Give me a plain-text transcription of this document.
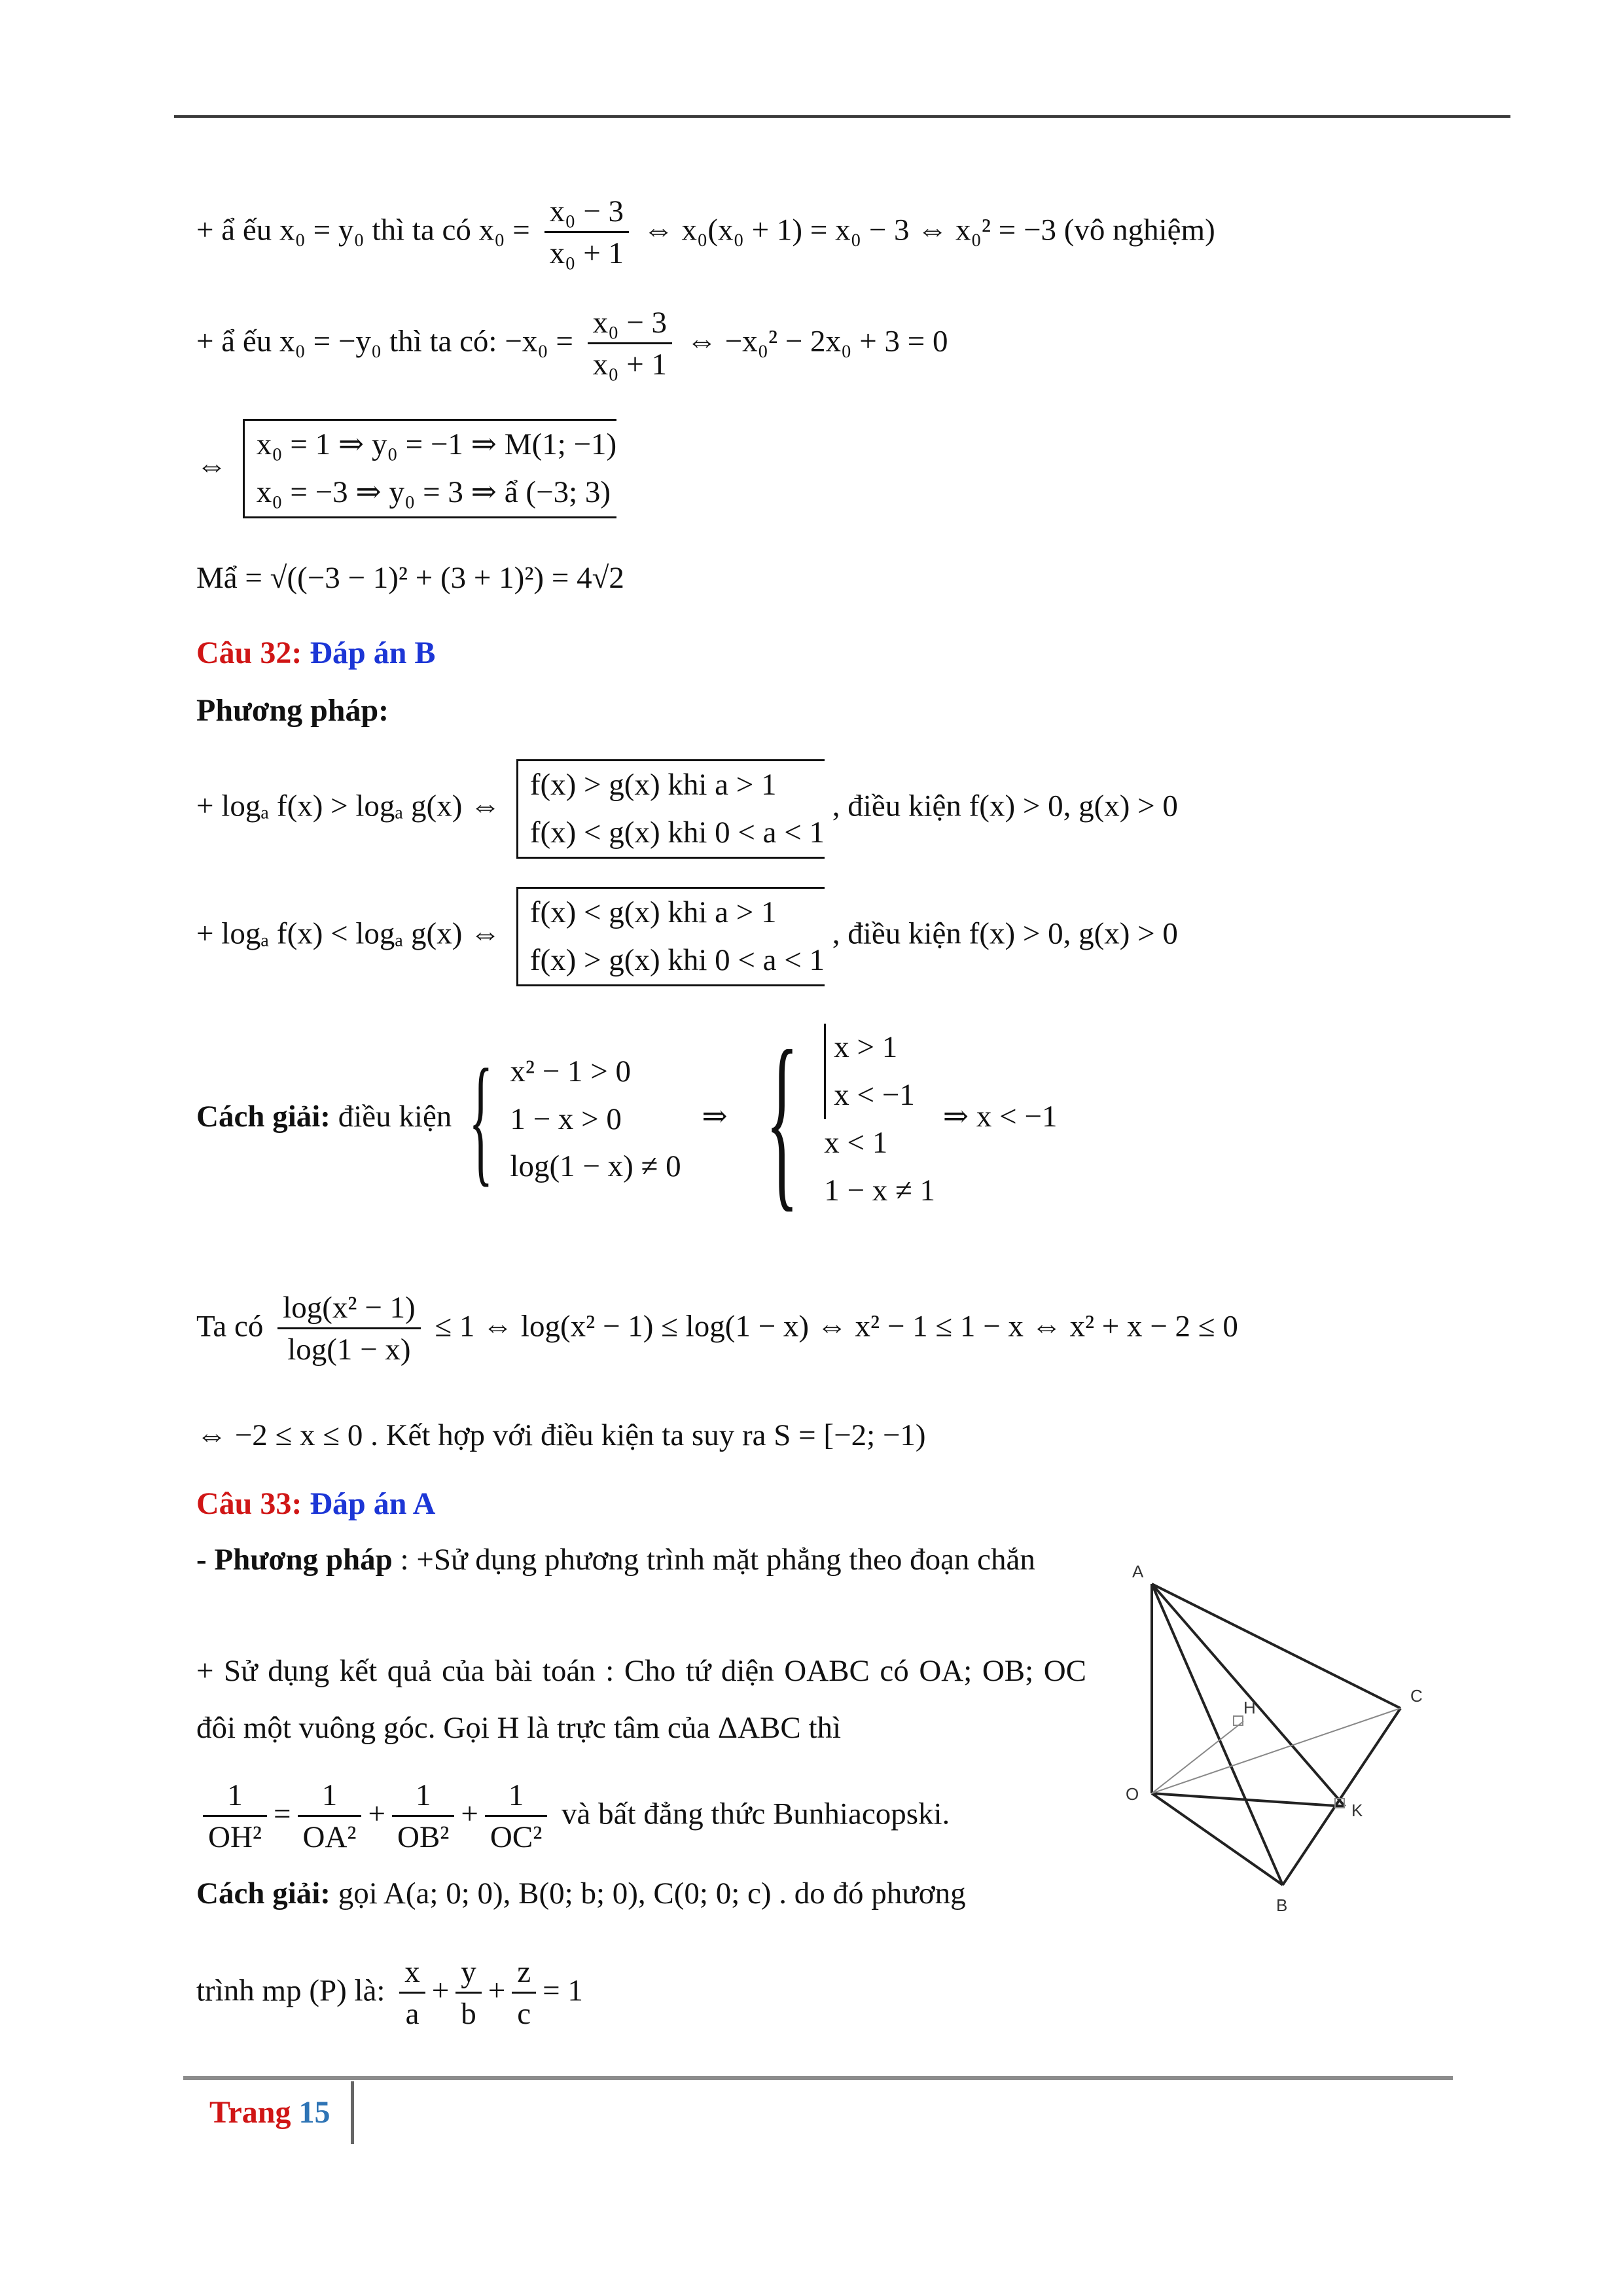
+ ẩ ếu x₀ = y₀ thì ta có $x_0 = \frac{\text{x₀ − 3}}{\text{x₀ + 1}}$ ⇔ x₀(x₀ + 1) = x₀ − 3 ⇔ x₀² = −3 (vô nghiệm)
+ ẩ ếu x₀ = −y₀ thì ta có: $-x_0 = \frac{\text{x₀ − 3}}{\text{x₀ + 1}}$ ⇔ −x₀² − 2x₀ + 3 = 0
⇔
x₀ = 1 ⇒ y₀ = −1 ⇒ M(1; −1)
x₀ = −3 ⇒ y₀ = 3 ⇒ ẩ (−3; 3)
Mẩ = √((−3 − 1)² + (3 + 1)²) = 4√2
Câu 32: Đáp án B
Phương pháp:
+ logₐ f(x) > logₐ g(x) ⇔
f(x) > g(x) khi a > 1
f(x) < g(x) khi 0 < a < 1
, điều kiện f(x) > 0, g(x) > 0
+ logₐ f(x) < logₐ g(x) ⇔
f(x) < g(x) khi a > 1
f(x) > g(x) khi 0 < a < 1
, điều kiện f(x) > 0, g(x) > 0
Cách giải: điều kiện { x² − 1 > 0
1 − x > 0
log(1 − x) ≠ 0
⇒ { x > 1
x < −1
x < 1
1 − x ≠ 1
⇒ x < −1
Ta có $\frac{\text{log(x² − 1)}}{\log(1 - x)} \le 1$ ⇔ log(x² − 1) ≤ log(1 − x) ⇔ x² − 1 ≤ 1 − x ⇔ x² + x − 2 ≤ 0
⇔ −2 ≤ x ≤ 0 . Kết hợp với điều kiện ta suy ra S = [−2; −1)
Câu 33: Đáp án A
- Phương pháp : +Sử dụng phương trình mặt phẳng theo đoạn chắn
+ Sử dụng kết quả của bài toán : Cho tứ diện OABC có OA; OB; OC đôi một vuông góc. Gọi H là trực tâm của ΔABC thì
$\frac{1}{\text{OH²}} = \frac{1}{\text{OA²}} + \frac{1}{\text{OB²}} + \frac{1}{\text{OC²}}$ và bất đẳng thức Bunhiacopski.
Cách giải: gọi A(a; 0; 0), B(0; b; 0), C(0; 0; c) . do đó phương
trình mp (P) là: $\frac{x}{a} + \frac{y}{b} + \frac{z}{c} = 1$
A
H
C
O
K
B
Trang 15
